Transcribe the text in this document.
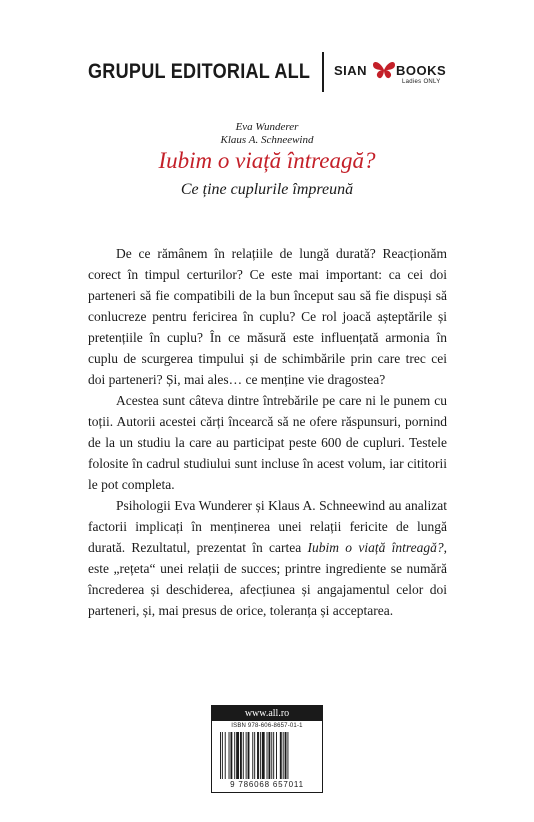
GRUPUL EDITORIAL ALL SIAN BOOKS
Ladies ONLY
Eva Wunderer
Klaus A. Schneewind
Iubim o viață întreagă?
Ce ține cuplurile împreună

De ce rămânem în relațiile de lungă durată? Reacționăm corect în timpul certurilor? Ce este mai important: ca cei doi parteneri să fie compatibili de la bun început sau să fie dispuși să conlucreze pentru fericirea în cuplu? Ce rol joacă așteptările și pretențiile în cuplu? În ce măsură este influențată armonia în cuplu de scurgerea timpului și de schimbările prin care trec cei doi parteneri? Și, mai ales… ce menține vie dragostea?

Acestea sunt câteva dintre întrebările pe care ni le punem cu toții. Autorii acestei cărți încearcă să ne ofere răspunsuri, pornind de la un studiu la care au participat peste 600 de cupluri. Testele folosite în cadrul studiului sunt incluse în acest volum, iar cititorii le pot completa.

Psihologii Eva Wunderer și Klaus A. Schneewind au analizat factorii implicați în menținerea unei relații fericite de lungă durată. Rezultatul, prezentat în cartea Iubim o viață întreagă?, este „rețeta“ unei relații de succes; printre ingrediente se numără încrederea și deschiderea, afecțiunea și angajamentul celor doi parteneri, și, mai presus de orice, toleranța și acceptarea.

www.all.ro
ISBN 978-606-8657-01-1
9 786068 657011
